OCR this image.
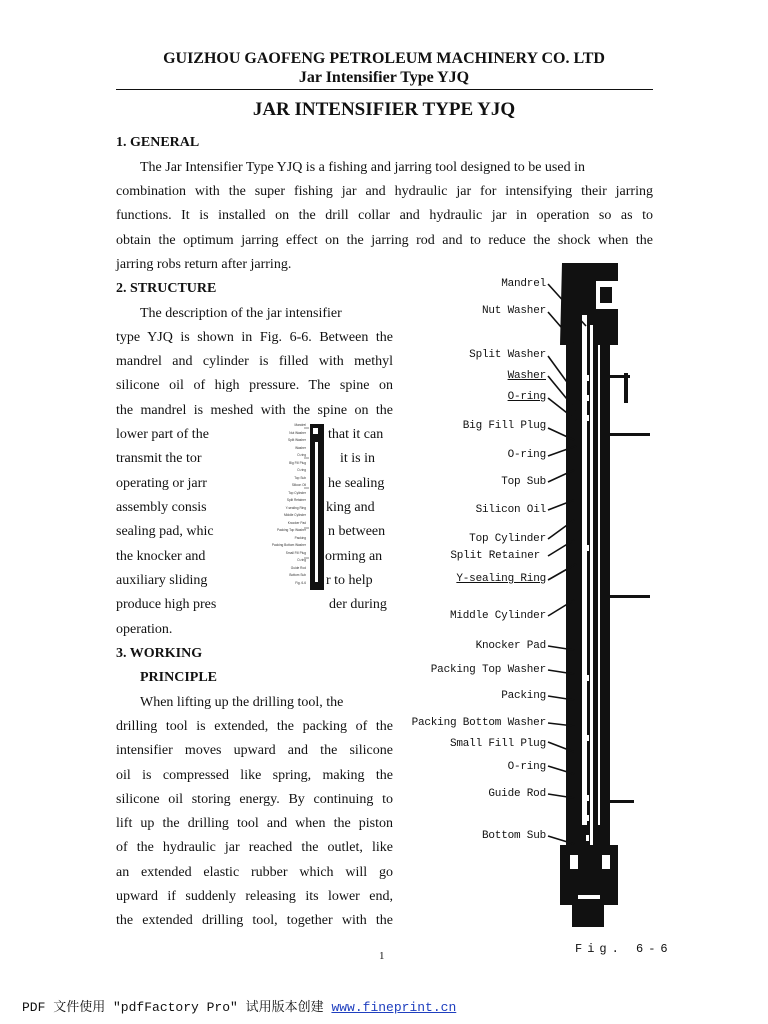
GUIZHOU GAOFENG PETROLEUM MACHINERY CO. LTD
Jar Intensifier Type YJQ
JAR INTENSIFIER TYPE YJQ
1. GENERAL
The Jar Intensifier Type YJQ is a fishing and jarring tool designed to be used in
combination with the super fishing jar and hydraulic jar for intensifying their jarring
functions. It is installed on the drill collar and hydraulic jar in operation so as to
obtain the optimum jarring effect on the jarring rod and to reduce the shock when the
jarring robs return after jarring.
2. STRUCTURE
The description of the jar intensifier
type YJQ is shown in Fig. 6-6. Between the
mandrel and cylinder is filled with methyl
silicone oil of high pressure. The spine on
the mandrel is meshed with the spine on the
lower part of the	that it can
transmit the tor	it is in
operating or jarr	he sealing
assembly consis	king and
sealing pad, whic	n between
the knocker and	orming an
auxiliary sliding	r to help
produce high pres	der during
operation.
Mandrel
Nut Washer
Split Washer
Washer
O-ring
Big Fill Plug
O-ring
Top Sub
Silicon Oil
Top Cylinder
Split Retainer
Y-sealing Ring
Middle Cylinder
Knocker Pad
Packing Top Washer
Packing
Packing Bottom Washer
Small Fill Plug
O-ring
Guide Rod
Bottom Sub
Fig. 6-6
3. WORKING
PRINCIPLE
When lifting up the drilling tool, the
drilling tool is extended, the packing of the
intensifier moves upward and the silicone
oil is compressed like spring, making the
silicone oil storing energy. By continuing to
lift up the drilling tool and when the piston
of the hydraulic jar reached the outlet, like
an extended elastic rubber which will go
upward if suddenly releasing its lower end,
the extended drilling tool, together with the
Mandrel
Nut Washer
Split Washer
Washer
O-ring
Big Fill Plug
O-ring
Top Sub
Silicon Oil
Top Cylinder
Split Retainer
Y-sealing Ring
Middle Cylinder
Knocker Pad
Packing Top Washer
Packing
Packing Bottom Washer
Small Fill Plug
O-ring
Guide Rod
Bottom Sub
Fig. 6-6
1
PDF 文件使用 "pdfFactory Pro" 试用版本创建 www.fineprint.cn
